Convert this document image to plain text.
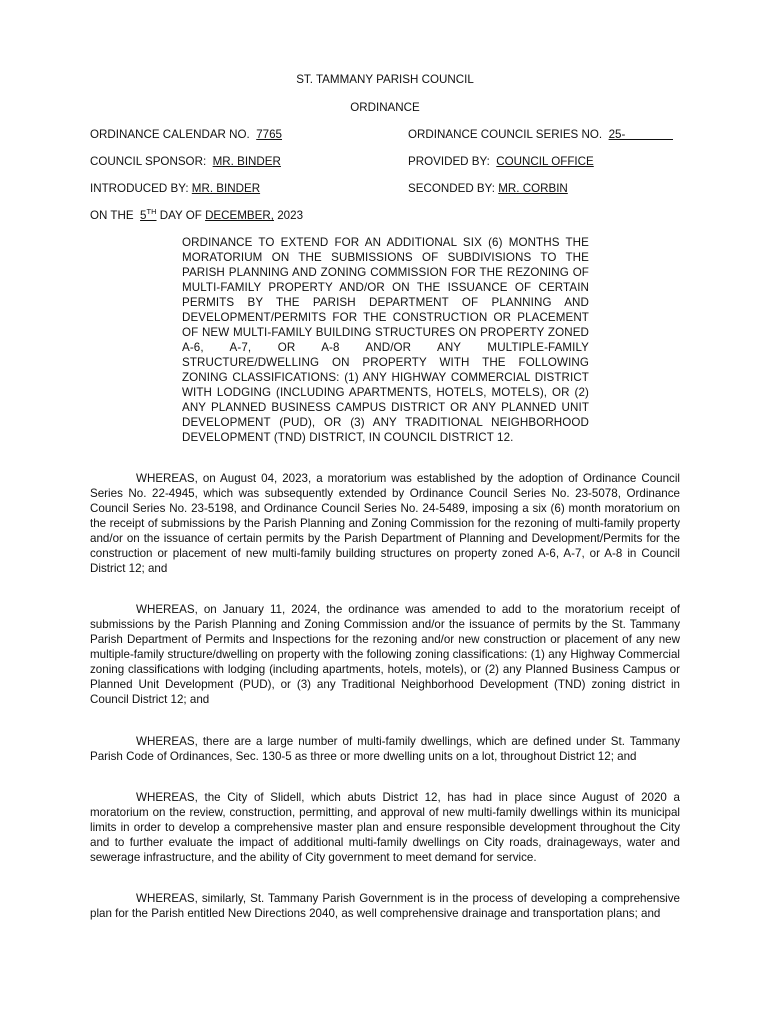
ST. TAMMANY PARISH COUNCIL
ORDINANCE
ORDINANCE CALENDAR NO. 7765	ORDINANCE COUNCIL SERIES NO. 25-
COUNCIL SPONSOR: MR. BINDER	PROVIDED BY: COUNCIL OFFICE
INTRODUCED BY: MR. BINDER	SECONDED BY: MR. CORBIN
ON THE 5TH DAY OF DECEMBER, 2023
ORDINANCE TO EXTEND FOR AN ADDITIONAL SIX (6) MONTHS THE MORATORIUM ON THE SUBMISSIONS OF SUBDIVISIONS TO THE PARISH PLANNING AND ZONING COMMISSION FOR THE REZONING OF MULTI-FAMILY PROPERTY AND/OR ON THE ISSUANCE OF CERTAIN PERMITS BY THE PARISH DEPARTMENT OF PLANNING AND DEVELOPMENT/PERMITS FOR THE CONSTRUCTION OR PLACEMENT OF NEW MULTI-FAMILY BUILDING STRUCTURES ON PROPERTY ZONED A-6, A-7, OR A-8 AND/OR ANY MULTIPLE-FAMILY STRUCTURE/DWELLING ON PROPERTY WITH THE FOLLOWING ZONING CLASSIFICATIONS: (1) ANY HIGHWAY COMMERCIAL DISTRICT WITH LODGING (INCLUDING APARTMENTS, HOTELS, MOTELS), OR (2) ANY PLANNED BUSINESS CAMPUS DISTRICT OR ANY PLANNED UNIT DEVELOPMENT (PUD), OR (3) ANY TRADITIONAL NEIGHBORHOOD DEVELOPMENT (TND) DISTRICT, IN COUNCIL DISTRICT 12.
WHEREAS, on August 04, 2023, a moratorium was established by the adoption of Ordinance Council Series No. 22-4945, which was subsequently extended by Ordinance Council Series No. 23-5078, Ordinance Council Series No. 23-5198, and Ordinance Council Series No. 24-5489, imposing a six (6) month moratorium on the receipt of submissions by the Parish Planning and Zoning Commission for the rezoning of multi-family property and/or on the issuance of certain permits by the Parish Department of Planning and Development/Permits for the construction or placement of new multi-family building structures on property zoned A-6, A-7, or A-8 in Council District 12; and
WHEREAS, on January 11, 2024, the ordinance was amended to add to the moratorium receipt of submissions by the Parish Planning and Zoning Commission and/or the issuance of permits by the St. Tammany Parish Department of Permits and Inspections for the rezoning and/or new construction or placement of any new multiple-family structure/dwelling on property with the following zoning classifications: (1) any Highway Commercial zoning classifications with lodging (including apartments, hotels, motels), or (2) any Planned Business Campus or Planned Unit Development (PUD), or (3) any Traditional Neighborhood Development (TND) zoning district in Council District 12; and
WHEREAS, there are a large number of multi-family dwellings, which are defined under St. Tammany Parish Code of Ordinances, Sec. 130-5 as three or more dwelling units on a lot, throughout District 12; and
WHEREAS, the City of Slidell, which abuts District 12, has had in place since August of 2020 a moratorium on the review, construction, permitting, and approval of new multi-family dwellings within its municipal limits in order to develop a comprehensive master plan and ensure responsible development throughout the City and to further evaluate the impact of additional multi-family dwellings on City roads, drainageways, water and sewerage infrastructure, and the ability of City government to meet demand for service.
WHEREAS, similarly, St. Tammany Parish Government is in the process of developing a comprehensive plan for the Parish entitled New Directions 2040, as well comprehensive drainage and transportation plans; and
